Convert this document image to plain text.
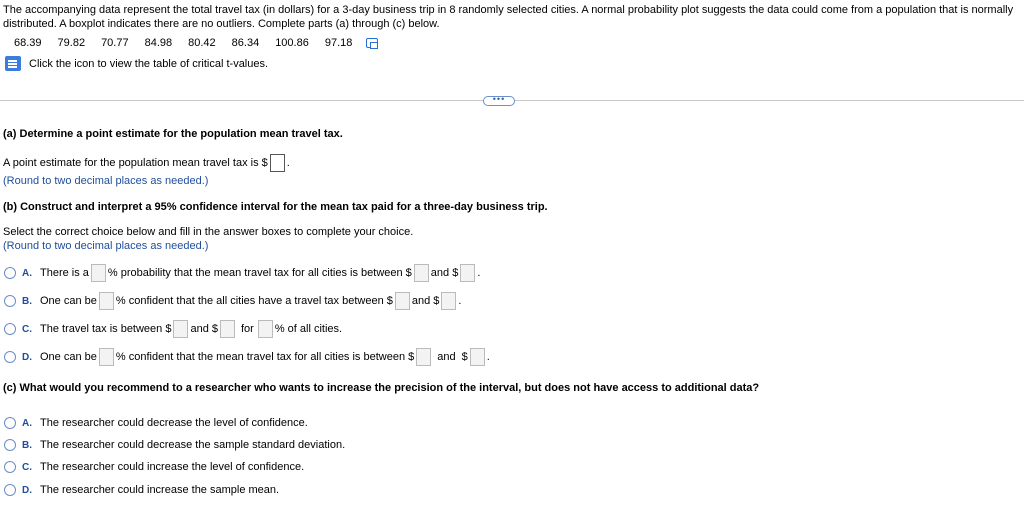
The accompanying data represent the total travel tax (in dollars) for a 3-day business trip in 8 randomly selected cities. A normal probability plot suggests the data could come from a population that is normally distributed. A boxplot indicates there are no outliers. Complete parts (a) through (c) below.
68.39 79.82 70.77 84.98 80.42 86.34 100.86 97.18
Click the icon to view the table of critical t-values.
•••
(a) Determine a point estimate for the population mean travel tax.
A point estimate for the population mean travel tax is $ .
(Round to two decimal places as needed.)
(b) Construct and interpret a 95% confidence interval for the mean tax paid for a three-day business trip.
Select the correct choice below and fill in the answer boxes to complete your choice.
(Round to two decimal places as needed.)
A. There is a % probability that the mean travel tax for all cities is between $ and $ .
B. One can be % confident that the all cities have a travel tax between $ and $ .
C. The travel tax is between $ and $ for % of all cities.
D. One can be % confident that the mean travel tax for all cities is between $ and $ .
(c) What would you recommend to a researcher who wants to increase the precision of the interval, but does not have access to additional data?
A. The researcher could decrease the level of confidence.
B. The researcher could decrease the sample standard deviation.
C. The researcher could increase the level of confidence.
D. The researcher could increase the sample mean.
